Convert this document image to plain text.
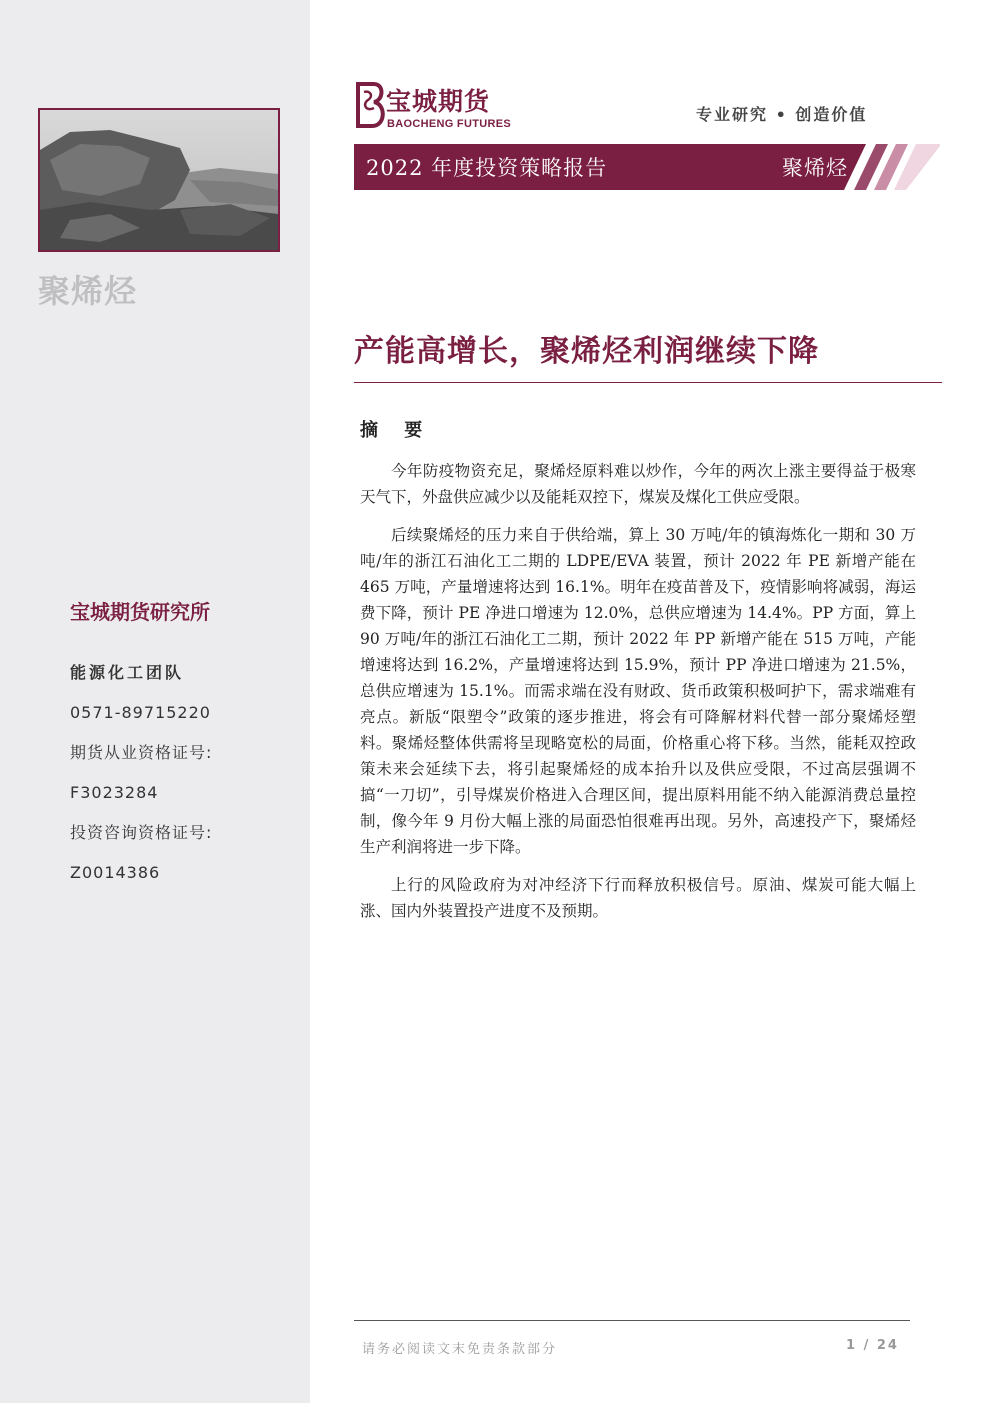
聚烯烃
宝城期货研究所
能源化工团队
0571-89715220
期货从业资格证号:
F3023284
投资咨询资格证号:
Z0014386
宝城期货
BAOCHENG FUTURES	专业研究 • 创造价值
2022 年度投资策略报告	聚烯烃
产能高增长，聚烯烃利润继续下降
摘 要

今年防疫物资充足，聚烯烃原料难以炒作，今年的两次上涨主要得益于极寒天气下，外盘供应减少以及能耗双控下，煤炭及煤化工供应受限。

后续聚烯烃的压力来自于供给端，算上 30 万吨/年的镇海炼化一期和 30 万吨/年的浙江石油化工二期的 LDPE/EVA 装置，预计 2022 年 PE 新增产能在 465 万吨，产量增速将达到 16.1%。明年在疫苗普及下，疫情影响将减弱，海运费下降，预计 PE 净进口增速为 12.0%，总供应增速为 14.4%。PP 方面，算上 90 万吨/年的浙江石油化工二期，预计 2022 年 PP 新增产能在 515 万吨，产能增速将达到 16.2%，产量增速将达到 15.9%，预计 PP 净进口增速为 21.5%，总供应增速为 15.1%。而需求端在没有财政、货币政策积极呵护下，需求端难有亮点。新版“限塑令”政策的逐步推进，将会有可降解材料代替一部分聚烯烃塑料。聚烯烃整体供需将呈现略宽松的局面，价格重心将下移。当然，能耗双控政策未来会延续下去，将引起聚烯烃的成本抬升以及供应受限，不过高层强调不搞“一刀切”，引导煤炭价格进入合理区间，提出原料用能不纳入能源消费总量控制，像今年 9 月份大幅上涨的局面恐怕很难再出现。另外，高速投产下，聚烯烃生产利润将进一步下降。

上行的风险政府为对冲经济下行而释放积极信号。原油、煤炭可能大幅上涨、国内外装置投产进度不及预期。

请务必阅读文末免责条款部分	1 / 24
